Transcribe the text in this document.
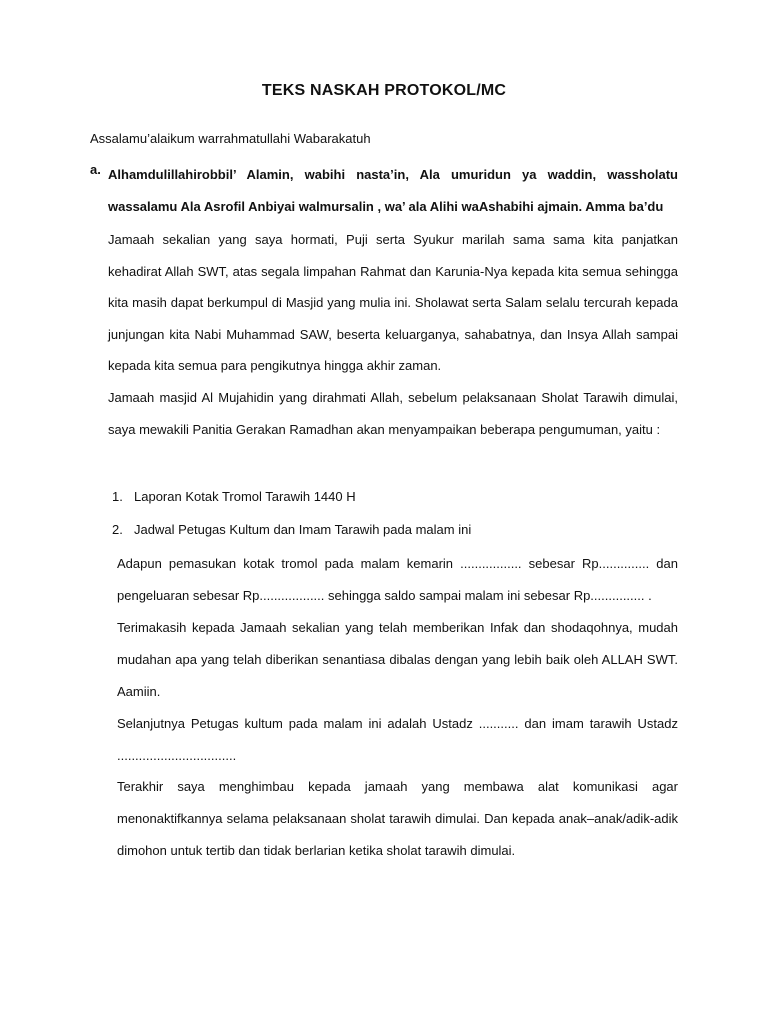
TEKS NASKAH PROTOKOL/MC
Assalamu’alaikum warrahmatullahi Wabarakatuh
a. Alhamdulillahirobbil’ Alamin, wabihi nasta’in, Ala umuridun ya waddin, wassholatu wassalamu Ala Asrofil Anbiyai walmursalin , wa’ ala Alihi waAshabihi ajmain. Amma ba’du
Jamaah sekalian yang saya hormati, Puji serta Syukur marilah sama sama kita panjatkan kehadirat Allah SWT, atas segala limpahan Rahmat dan Karunia-Nya kepada kita semua sehingga kita masih dapat berkumpul di Masjid yang mulia ini. Sholawat serta Salam selalu tercurah kepada junjungan kita Nabi Muhammad SAW, beserta keluarganya, sahabatnya, dan Insya Allah sampai kepada kita semua para pengikutnya hingga akhir zaman.
Jamaah masjid Al Mujahidin yang dirahmati Allah, sebelum pelaksanaan Sholat Tarawih dimulai, saya mewakili Panitia Gerakan Ramadhan akan menyampaikan beberapa pengumuman, yaitu :
1. Laporan Kotak Tromol Tarawih 1440 H
2. Jadwal Petugas Kultum dan Imam Tarawih pada malam ini
Adapun pemasukan kotak tromol pada malam kemarin ................. sebesar Rp.............. dan pengeluaran sebesar Rp.................. sehingga saldo sampai malam ini sebesar Rp............... .
Terimakasih kepada Jamaah sekalian yang telah memberikan Infak dan shodaqohnya, mudah mudahan apa yang telah diberikan senantiasa dibalas dengan yang lebih baik oleh ALLAH SWT. Aamiin.
Selanjutnya Petugas kultum pada malam ini adalah Ustadz ........... dan imam tarawih Ustadz .................................
Terakhir saya menghimbau kepada jamaah yang membawa alat komunikasi agar menonaktifkannya selama pelaksanaan sholat tarawih dimulai. Dan kepada anak–anak/adik-adik dimohon untuk tertib dan tidak berlarian ketika sholat tarawih dimulai.
